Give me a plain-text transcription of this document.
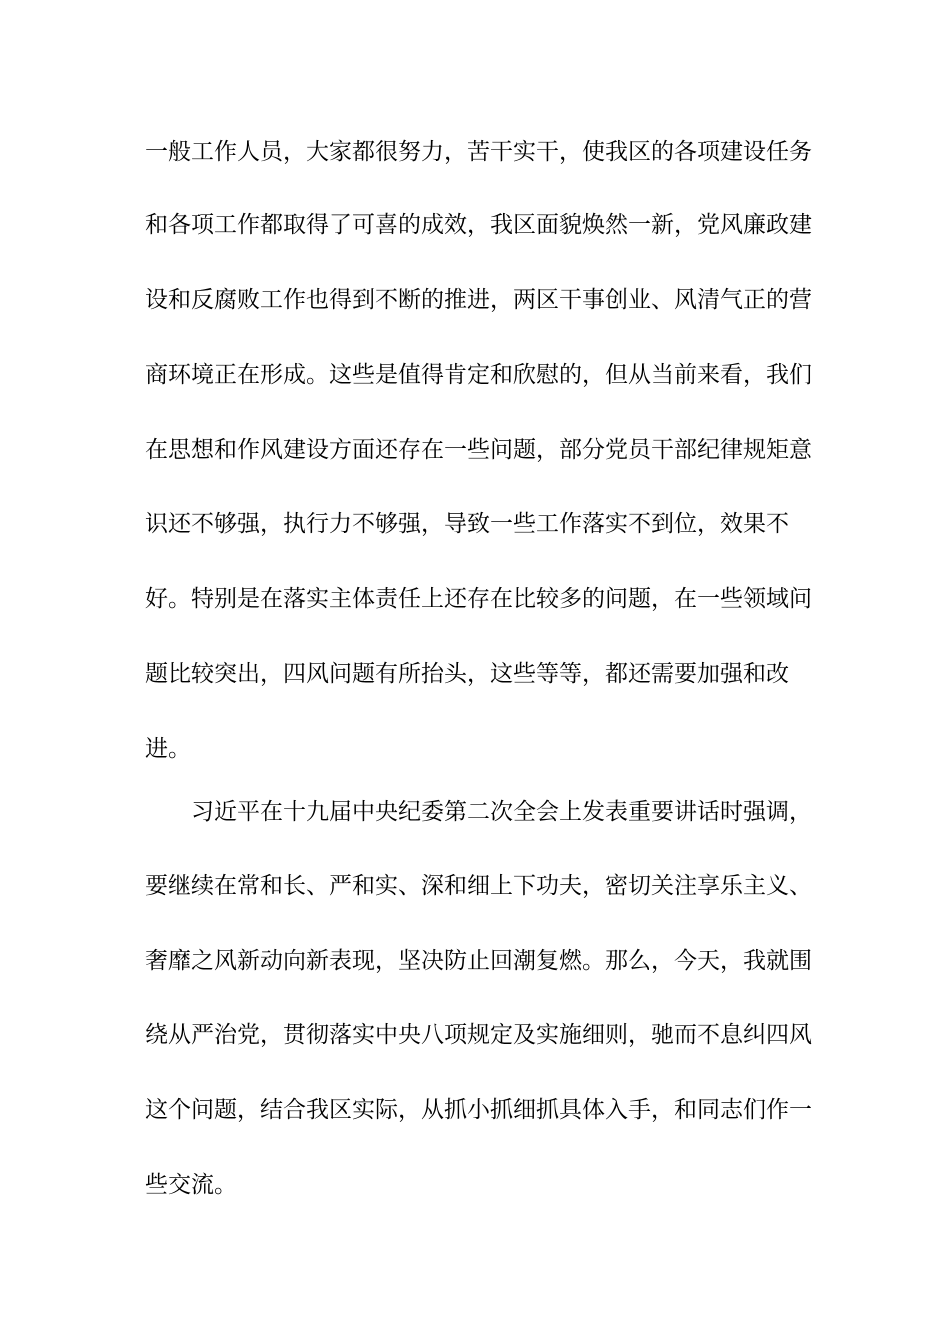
一般工作人员，大家都很努力，苦干实干，使我区的各项建设任务
和各项工作都取得了可喜的成效，我区面貌焕然一新，党风廉政建
设和反腐败工作也得到不断的推进，两区干事创业、风清气正的营
商环境正在形成。这些是值得肯定和欣慰的，但从当前来看，我们
在思想和作风建设方面还存在一些问题，部分党员干部纪律规矩意
识还不够强，执行力不够强，导致一些工作落实不到位，效果不
好。特别是在落实主体责任上还存在比较多的问题，在一些领域问
题比较突出，四风问题有所抬头，这些等等，都还需要加强和改
进。
习近平在十九届中央纪委第二次全会上发表重要讲话时强调，
要继续在常和长、严和实、深和细上下功夫，密切关注享乐主义、
奢靡之风新动向新表现，坚决防止回潮复燃。那么，今天，我就围
绕从严治党，贯彻落实中央八项规定及实施细则，驰而不息纠四风
这个问题，结合我区实际，从抓小抓细抓具体入手，和同志们作一
些交流。
